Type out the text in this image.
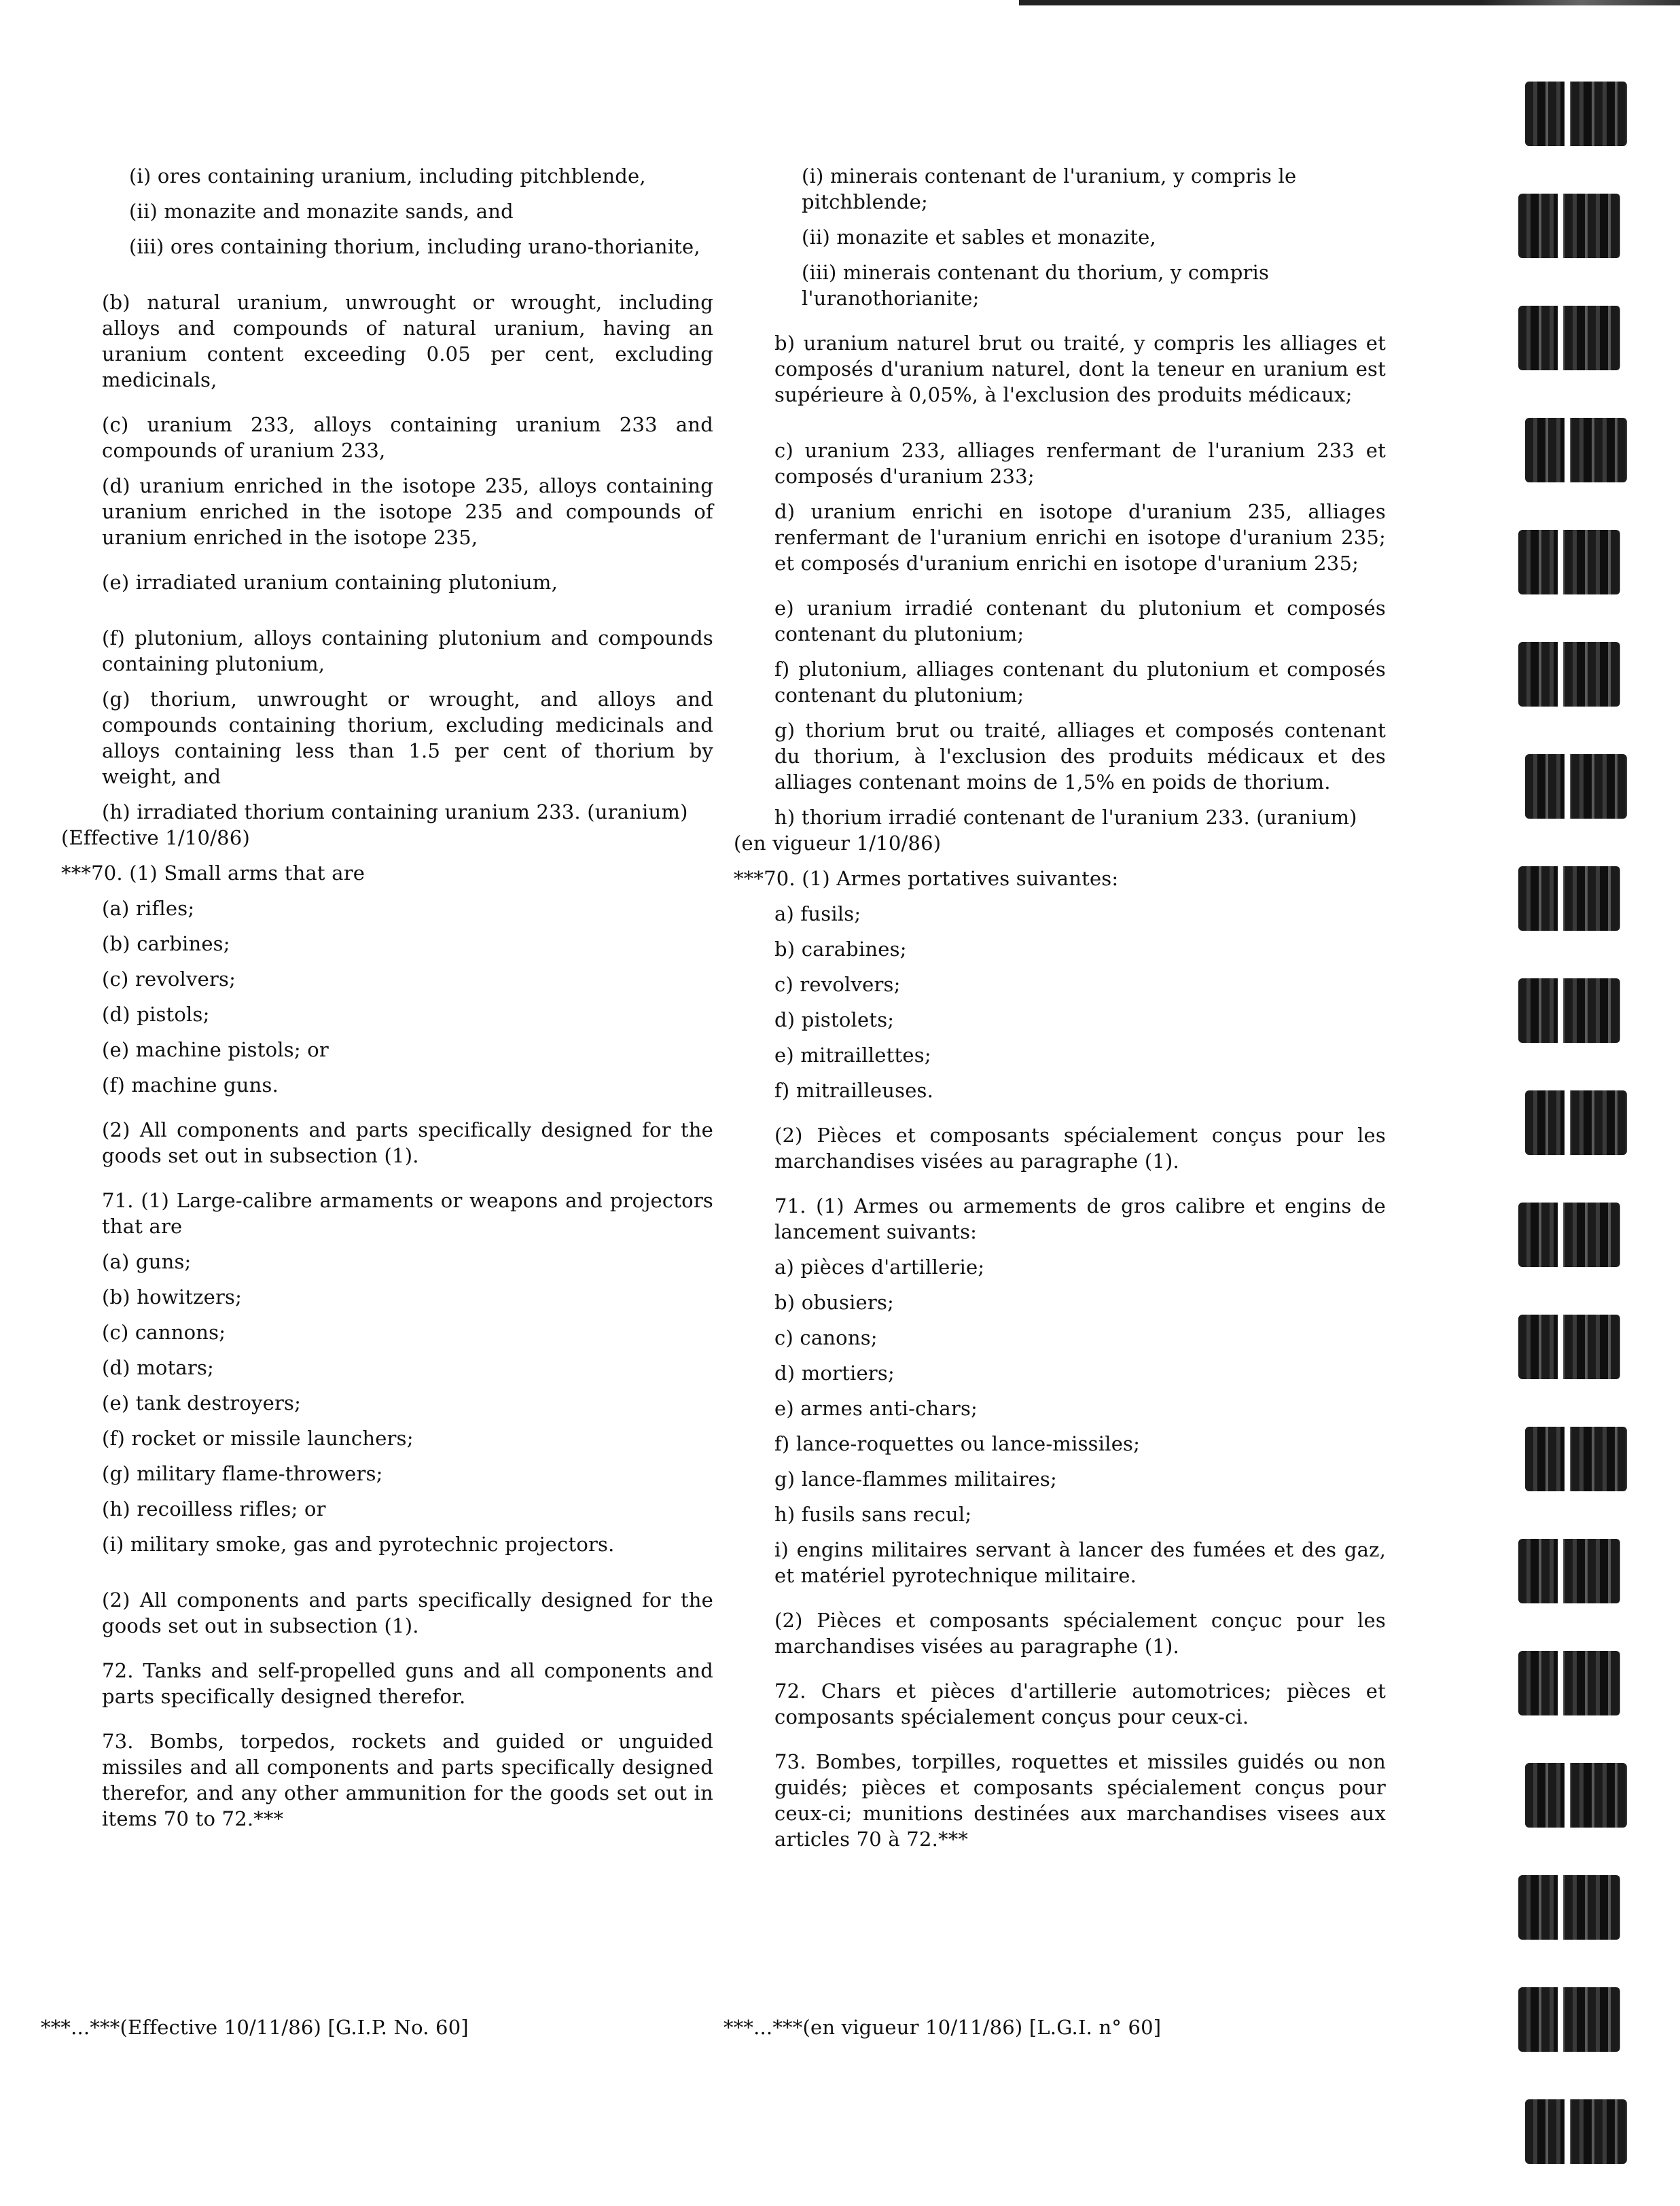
(i) ores containing uranium, including pitchblende,

(ii) monazite and monazite sands, and

(iii) ores containing thorium, including urano-thorianite,

(b) natural uranium, unwrought or wrought, including alloys and compounds of natural uranium, having an uranium content exceeding 0.05 per cent, excluding medicinals,

(c) uranium 233, alloys containing uranium 233 and compounds of uranium 233,

(d) uranium enriched in the isotope 235, alloys containing uranium enriched in the isotope 235 and compounds of uranium enriched in the isotope 235,

(e) irradiated uranium containing plutonium,

(f) plutonium, alloys containing plutonium and compounds containing plutonium,

(g) thorium, unwrought or wrought, and alloys and compounds containing thorium, excluding medicinals and alloys containing less than 1.5 per cent of thorium by weight, and

(h) irradiated thorium containing uranium 233. (uranium)

(Effective 1/10/86)

***70. (1) Small arms that are

(a) rifles;

(b) carbines;

(c) revolvers;

(d) pistols;

(e) machine pistols; or

(f) machine guns.

(2) All components and parts specifically designed for the goods set out in subsection (1).

71. (1) Large-calibre armaments or weapons and projectors that are

(a) guns;

(b) howitzers;

(c) cannons;

(d) motars;

(e) tank destroyers;

(f) rocket or missile launchers;

(g) military flame-throwers;

(h) recoilless rifles; or

(i) military smoke, gas and pyrotechnic projectors.

(2) All components and parts specifically designed for the goods set out in subsection (1).

72. Tanks and self-propelled guns and all components and parts specifically designed therefor.

73. Bombs, torpedos, rockets and guided or unguided missiles and all components and parts specifically designed therefor, and any other ammunition for the goods set out in items 70 to 72.***

(i) minerais contenant de l'uranium, y compris le pitchblende;

(ii) monazite et sables et monazite,

(iii) minerais contenant du thorium, y compris l'uranothorianite;

b) uranium naturel brut ou traité, y compris les alliages et composés d'uranium naturel, dont la teneur en uranium est supérieure à 0,05%, à l'exclusion des produits médicaux;

c) uranium 233, alliages renfermant de l'uranium 233 et composés d'uranium 233;

d) uranium enrichi en isotope d'uranium 235, alliages renfermant de l'uranium enrichi en isotope d'uranium 235; et composés d'uranium enrichi en isotope d'uranium 235;

e) uranium irradié contenant du plutonium et composés contenant du plutonium;

f) plutonium, alliages contenant du plutonium et composés contenant du plutonium;

g) thorium brut ou traité, alliages et composés contenant du thorium, à l'exclusion des produits médicaux et des alliages contenant moins de 1,5% en poids de thorium.

h) thorium irradié contenant de l'uranium 233. (uranium)

(en vigueur 1/10/86)

***70. (1) Armes portatives suivantes:

a) fusils;

b) carabines;

c) revolvers;

d) pistolets;

e) mitraillettes;

f) mitrailleuses.

(2) Pièces et composants spécialement conçus pour les marchandises visées au paragraphe (1).

71. (1) Armes ou armements de gros calibre et engins de lancement suivants:

a) pièces d'artillerie;

b) obusiers;

c) canons;

d) mortiers;

e) armes anti-chars;

f) lance-roquettes ou lance-missiles;

g) lance-flammes militaires;

h) fusils sans recul;

i) engins militaires servant à lancer des fumées et des gaz, et matériel pyrotechnique militaire.

(2) Pièces et composants spécialement conçuc pour les marchandises visées au paragraphe (1).

72. Chars et pièces d'artillerie automotrices; pièces et composants spécialement conçus pour ceux-ci.

73. Bombes, torpilles, roquettes et missiles guidés ou non guidés; pièces et composants spécialement conçus pour ceux-ci; munitions destinées aux marchandises visees aux articles 70 à 72.***

***...***(Effective 10/11/86) [G.I.P. No. 60]	***...***(en vigueur 10/11/86) [L.G.I. n° 60]
